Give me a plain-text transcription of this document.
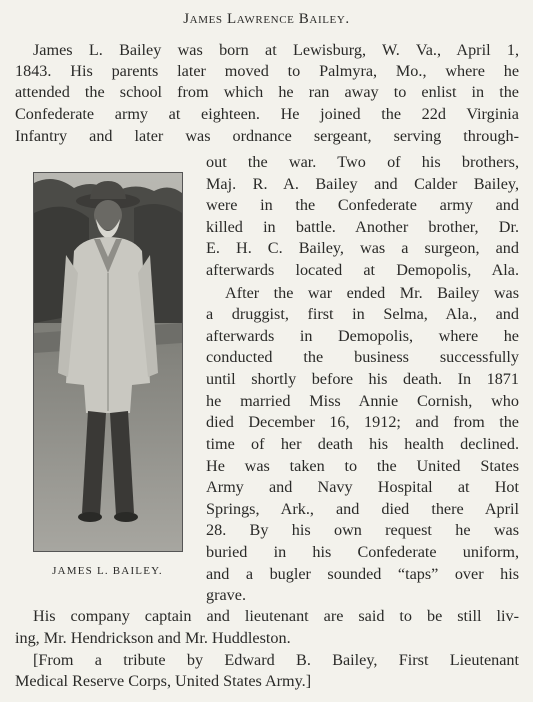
James Lawrence Bailey.
James L. Bailey was born at Lewisburg, W. Va., April 1,
1843. His parents later moved to Palmyra, Mo., where he
attended the school from which he ran away to enlist in the
Confederate army at eighteen. He joined the 22d Virginia
Infantry and later was ordnance sergeant, serving through-
out the war. Two of his brothers,
Maj. R. A. Bailey and Calder Bailey,
were in the Confederate army and
killed in battle. Another brother, Dr.
E. H. C. Bailey, was a surgeon, and
afterwards located at Demopolis, Ala.
After the war ended Mr. Bailey was
a druggist, first in Selma, Ala., and
afterwards in Demopolis, where he
conducted the business successfully
until shortly before his death. In 1871
he married Miss Annie Cornish, who
died December 16, 1912; and from the
time of her death his health declined.
He was taken to the United States
Army and Navy Hospital at Hot
Springs, Ark., and died there April
28. By his own request he was
buried in his Confederate uniform,
and a bugler sounded “taps” over his
grave.
His company captain and lieutenant are said to be still liv-
ing, Mr. Hendrickson and Mr. Huddleston.
[From a tribute by Edward B. Bailey, First Lieutenant
Medical Reserve Corps, United States Army.]
JAMES L. BAILEY.
